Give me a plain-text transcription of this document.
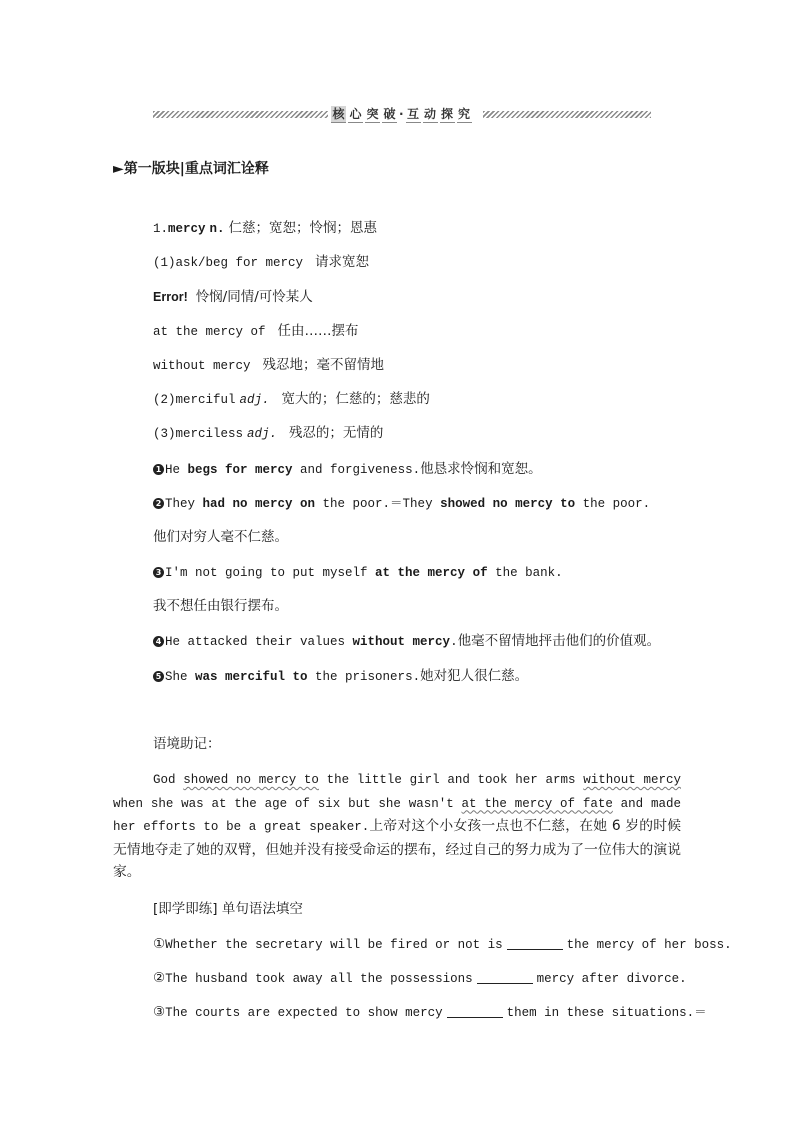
核 心 突 破 · 互 动 探 究
►第一版块|重点词汇诠释
1.mercy n. 仁慈；宽恕；怜悯；恩惠
(1)ask/beg for mercy 请求宽恕
Error! 怜悯/同情/可怜某人
at the mercy of 任由……摆布
without mercy 残忍地；毫不留情地
(2)merciful adj. 宽大的；仁慈的；慈悲的
(3)merciless adj. 残忍的；无情的
1 He begs for mercy and forgiveness.他恳求怜悯和宽恕。
2 They had no mercy on the poor.＝They showed no mercy to the poor.
他们对穷人毫不仁慈。
3 I'm not going to put myself at the mercy of the bank.
我不想任由银行摆布。
4 He attacked their values without mercy.他毫不留情地抨击他们的价值观。
5 She was merciful to the prisoners.她对犯人很仁慈。
语境助记：
God showed no mercy to the little girl and took her arms without mercy when she was at the age of six but she wasn't at the mercy of fate and made her efforts to be a great speaker.上帝对这个小女孩一点也不仁慈，在她 6 岁的时候无情地夺走了她的双臂，但她并没有接受命运的摆布，经过自己的努力成为了一位伟大的演说家。
[即学即练] 单句语法填空
①Whether the secretary will be fired or not is	the mercy of her boss.
②The husband took away all the possessions	mercy after divorce.
③The courts are expected to show mercy	them in these situations.＝
